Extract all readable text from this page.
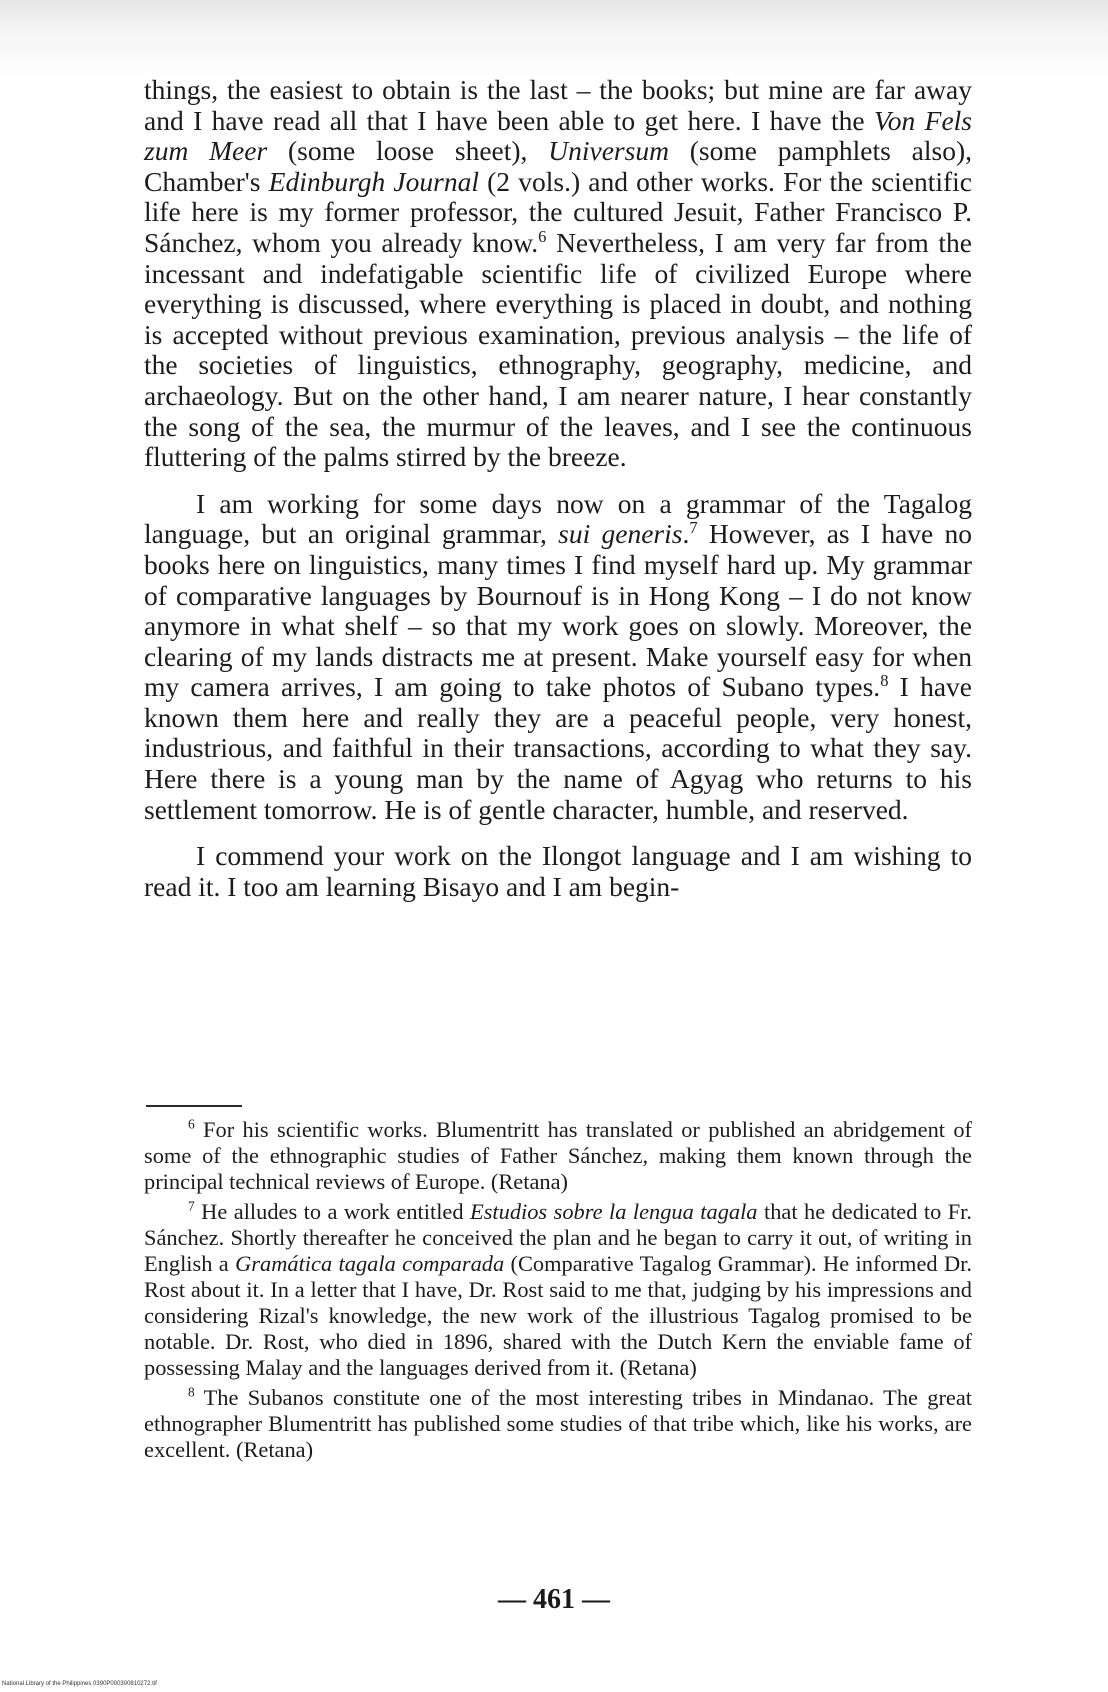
things, the easiest to obtain is the last – the books; but mine are far away and I have read all that I have been able to get here. I have the Von Fels zum Meer (some loose sheet), Universum (some pamphlets also), Chamber's Edinburgh Journal (2 vols.) and other works. For the scientific life here is my former professor, the cultured Jesuit, Father Francisco P. Sánchez, whom you already know.$^6$ Nevertheless, I am very far from the incessant and indefatigable scientific life of civilized Europe where everything is discussed, where everything is placed in doubt, and nothing is accepted without previous examination, previous analysis – the life of the societies of linguistics, ethnography, geography, medicine, and archaeology. But on the other hand, I am nearer nature, I hear constantly the song of the sea, the murmur of the leaves, and I see the continuous fluttering of the palms stirred by the breeze.

I am working for some days now on a grammar of the Tagalog language, but an original grammar, sui generis.$^7$ However, as I have no books here on linguistics, many times I find myself hard up. My grammar of comparative languages by Bournouf is in Hong Kong – I do not know anymore in what shelf – so that my work goes on slowly. Moreover, the clearing of my lands distracts me at present. Make yourself easy for when my camera arrives, I am going to take photos of Subano types.$^8$ I have known them here and really they are a peaceful people, very honest, industrious, and faithful in their transactions, according to what they say. Here there is a young man by the name of Agyag who returns to his settlement tomorrow. He is of gentle character, humble, and reserved.

I commend your work on the Ilongot language and I am wishing to read it. I too am learning Bisayo and I am begin-

$^6$ For his scientific works. Blumentritt has translated or published an abridgement of some of the ethnographic studies of Father Sánchez, making them known through the principal technical reviews of Europe. (Retana)

$^7$ He alludes to a work entitled Estudios sobre la lengua tagala that he dedicated to Fr. Sánchez. Shortly thereafter he conceived the plan and he began to carry it out, of writing in English a Gramática tagala comparada (Comparative Tagalog Grammar). He informed Dr. Rost about it. In a letter that I have, Dr. Rost said to me that, judging by his impressions and considering Rizal's knowledge, the new work of the illustrious Tagalog promised to be notable. Dr. Rost, who died in 1896, shared with the Dutch Kern the enviable fame of possessing Malay and the languages derived from it. (Retana)

$^8$ The Subanos constitute one of the most interesting tribes in Mindanao. The great ethnographer Blumentritt has published some studies of that tribe which, like his works, are excellent. (Retana)

— 461 —
National Library of the Philippines 0390P000300810272.tif
